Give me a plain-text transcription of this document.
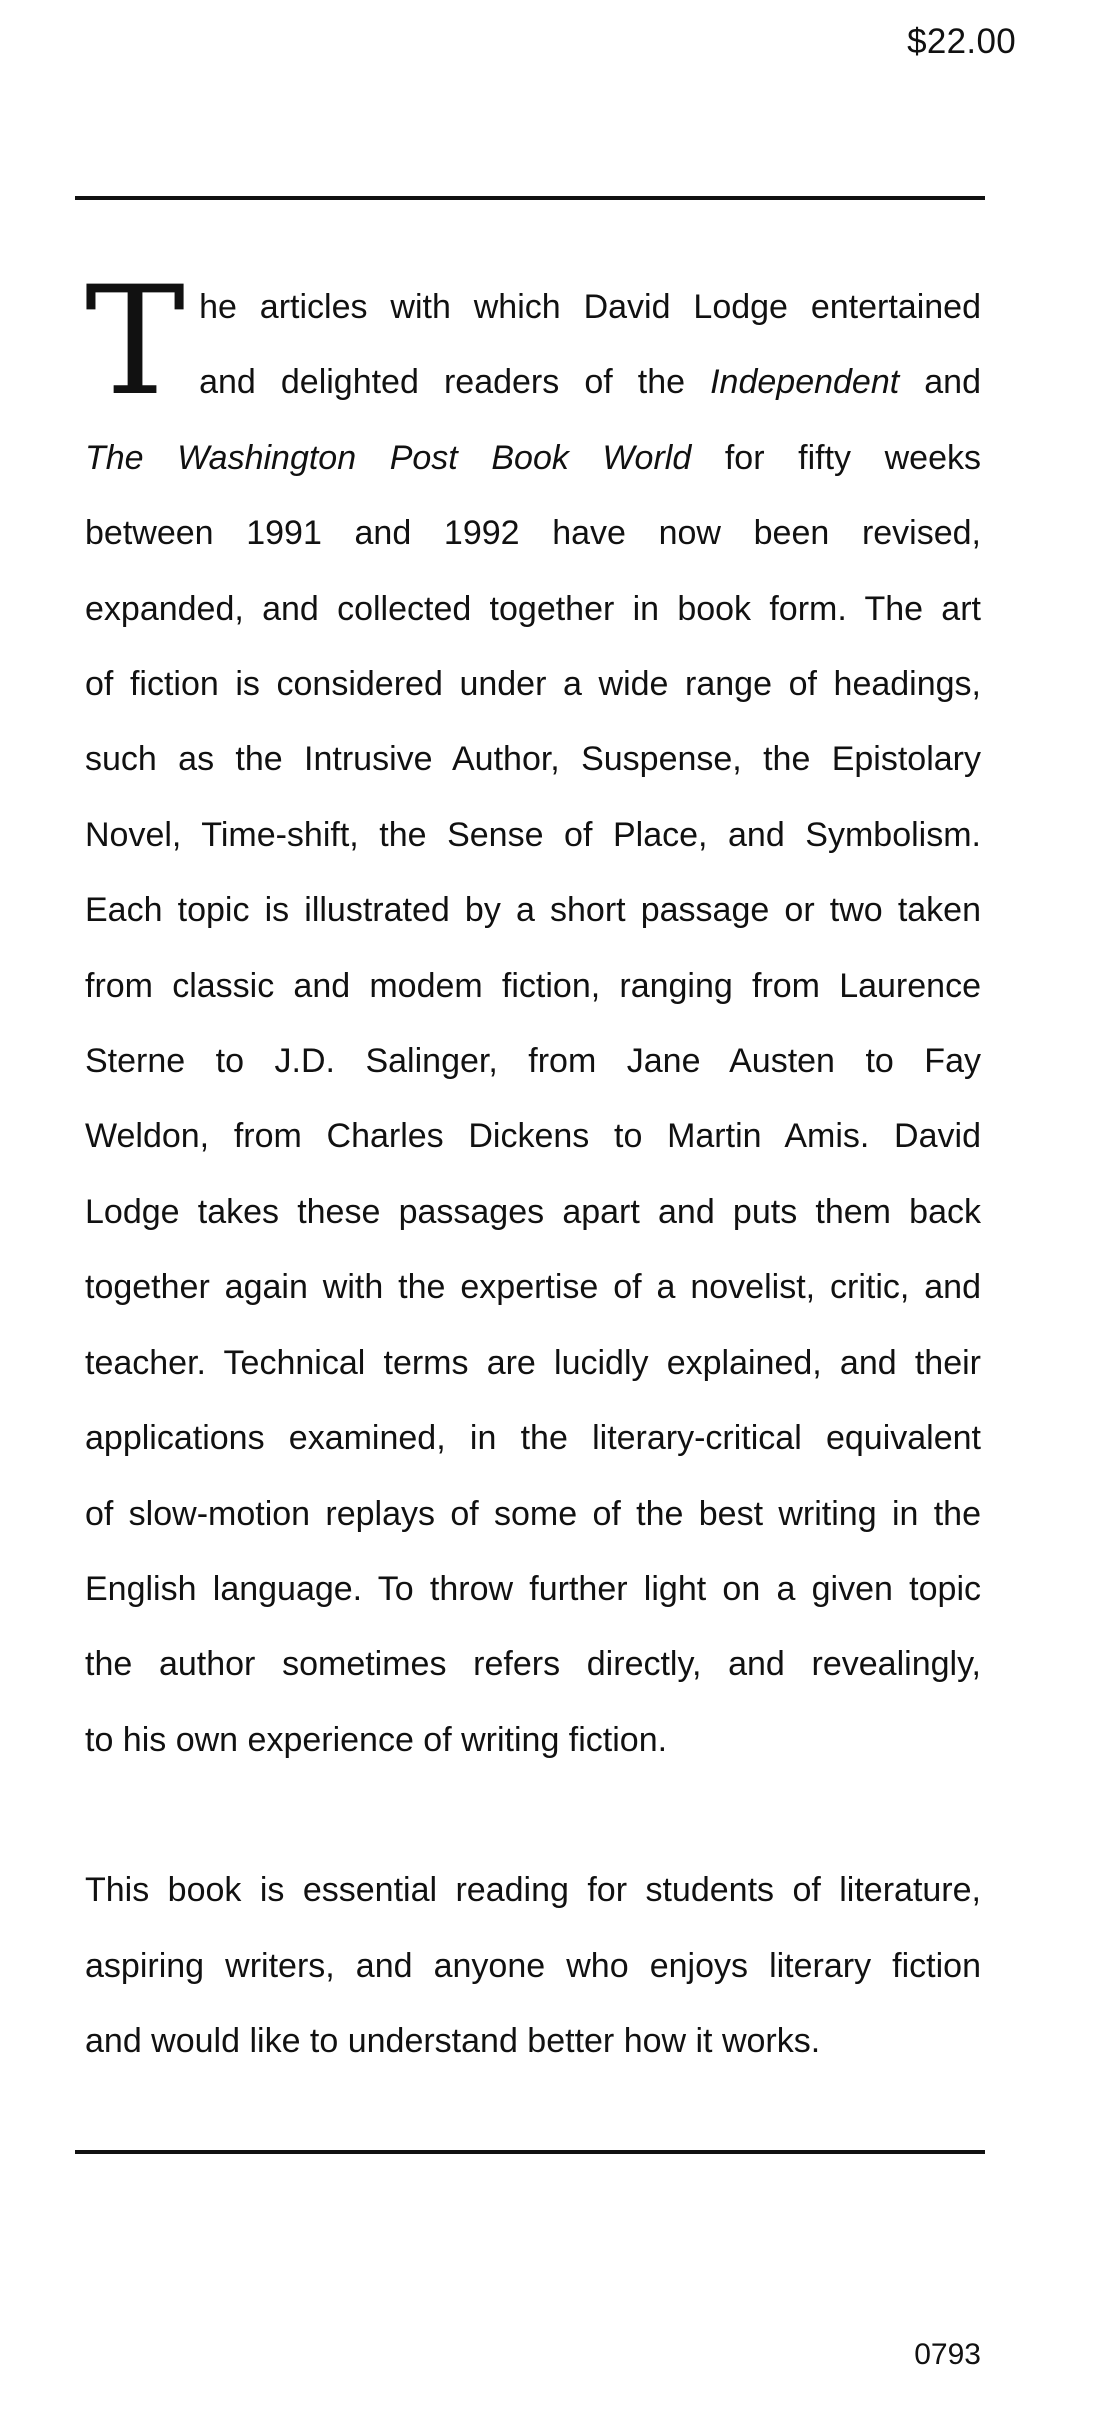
$22.00

T he articles with which David Lodge entertained
and delighted readers of the Independent and
The Washington Post Book World for fifty weeks
between 1991 and 1992 have now been revised,
expanded, and collected together in book form. The art
of fiction is considered under a wide range of headings,
such as the Intrusive Author, Suspense, the Epistolary
Novel, Time-shift, the Sense of Place, and Symbolism.
Each topic is illustrated by a short passage or two taken
from classic and modem fiction, ranging from Laurence
Sterne to J.D. Salinger, from Jane Austen to Fay
Weldon, from Charles Dickens to Martin Amis. David
Lodge takes these passages apart and puts them back
together again with the expertise of a novelist, critic, and
teacher. Technical terms are lucidly explained, and their
applications examined, in the literary-critical equivalent
of slow-motion replays of some of the best writing in the
English language. To throw further light on a given topic
the author sometimes refers directly, and revealingly,
to his own experience of writing fiction.

This book is essential reading for students of literature,
aspiring writers, and anyone who enjoys literary fiction
and would like to understand better how it works.

0793
